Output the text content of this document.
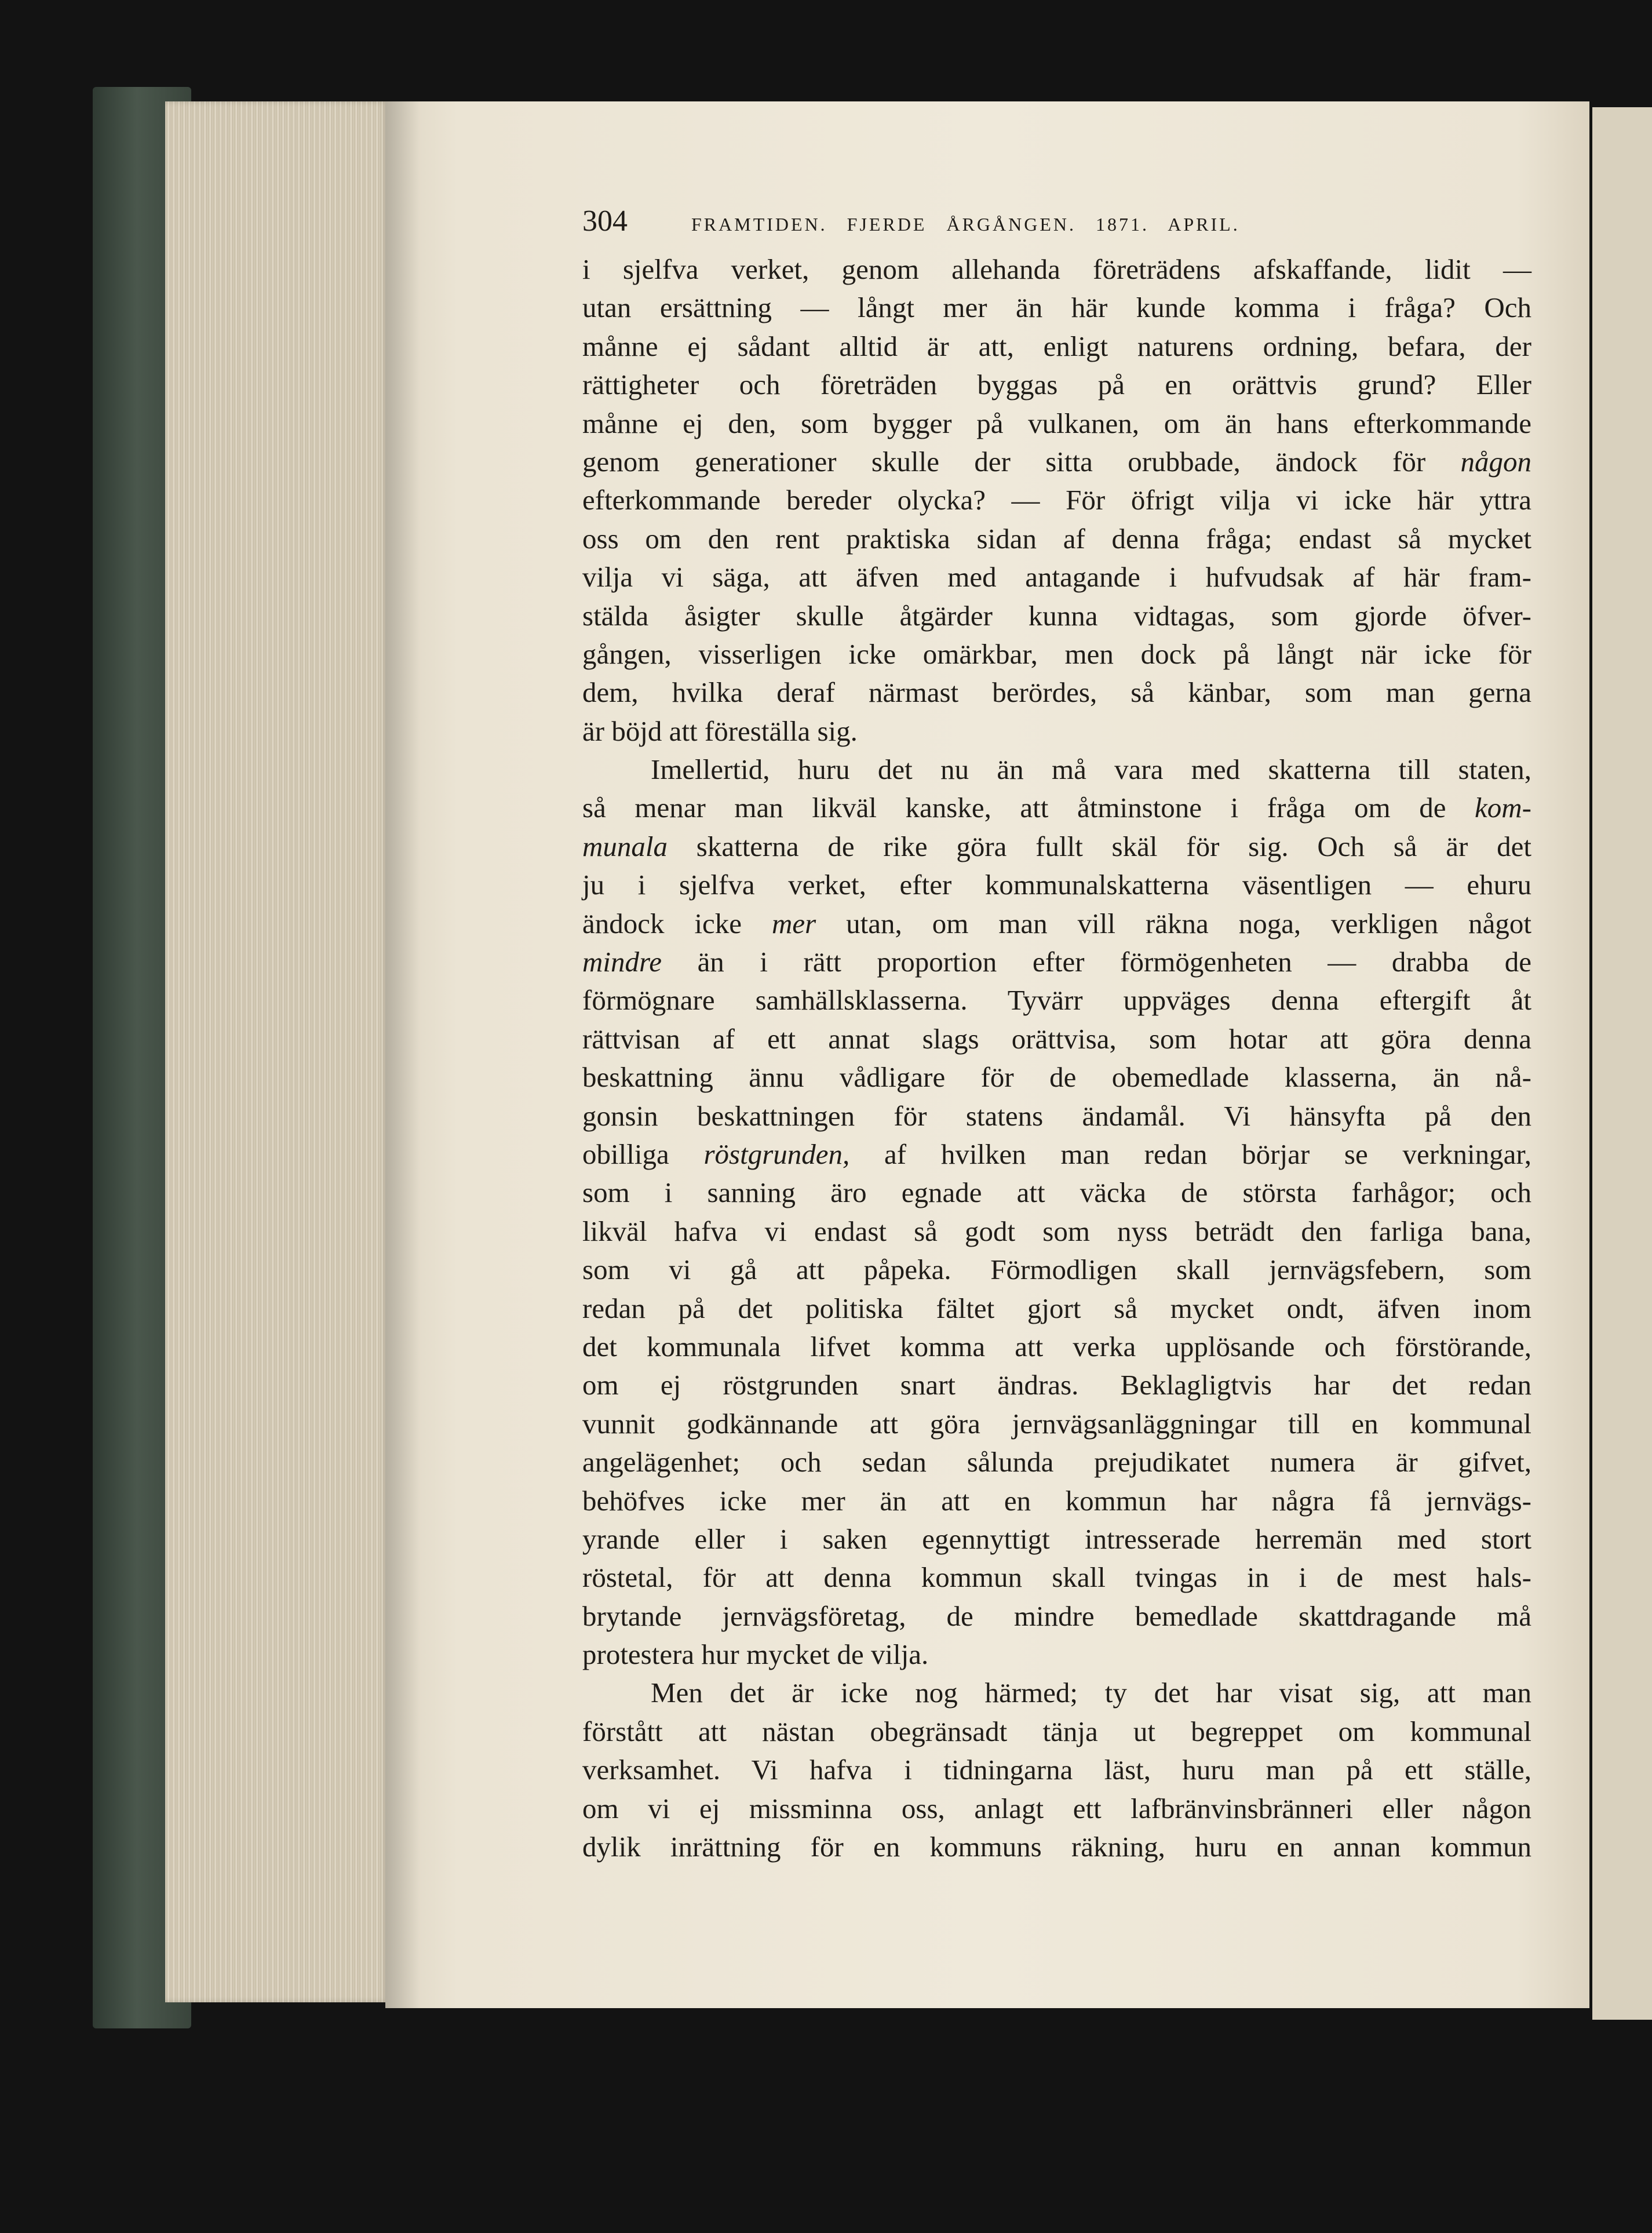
304	FRAMTIDEN. FJERDE ÅRGÅNGEN. 1871. APRIL.
i sjelfva verket, genom allehanda företrädens afskaffande, lidit —
utan ersättning — långt mer än här kunde komma i fråga? Och
månne ej sådant alltid är att, enligt naturens ordning, befara, der
rättigheter och företräden byggas på en orättvis grund? Eller
månne ej den, som bygger på vulkanen, om än hans efterkommande
genom generationer skulle der sitta orubbade, ändock för någon
efterkommande bereder olycka? — För öfrigt vilja vi icke här yttra
oss om den rent praktiska sidan af denna fråga; endast så mycket
vilja vi säga, att äfven med antagande i hufvudsak af här fram-
stälda åsigter skulle åtgärder kunna vidtagas, som gjorde öfver-
gången, visserligen icke omärkbar, men dock på långt när icke för
dem, hvilka deraf närmast berördes, så känbar, som man gerna
är böjd att föreställa sig.
Imellertid, huru det nu än må vara med skatterna till staten,
så menar man likväl kanske, att åtminstone i fråga om de kom-
munala skatterna de rike göra fullt skäl för sig. Och så är det
ju i sjelfva verket, efter kommunalskatterna väsentligen — ehuru
ändock icke mer utan, om man vill räkna noga, verkligen något
mindre än i rätt proportion efter förmögenheten — drabba de
förmögnare samhällsklasserna. Tyvärr uppväges denna eftergift åt
rättvisan af ett annat slags orättvisa, som hotar att göra denna
beskattning ännu vådligare för de obemedlade klasserna, än nå-
gonsin beskattningen för statens ändamål. Vi hänsyfta på den
obilliga röstgrunden, af hvilken man redan börjar se verkningar,
som i sanning äro egnade att väcka de största farhågor; och
likväl hafva vi endast så godt som nyss beträdt den farliga bana,
som vi gå att påpeka. Förmodligen skall jernvägsfebern, som
redan på det politiska fältet gjort så mycket ondt, äfven inom
det kommunala lifvet komma att verka upplösande och förstörande,
om ej röstgrunden snart ändras. Beklagligtvis har det redan
vunnit godkännande att göra jernvägsanläggningar till en kommunal
angelägenhet; och sedan sålunda prejudikatet numera är gifvet,
behöfves icke mer än att en kommun har några få jernvägs-
yrande eller i saken egennyttigt intresserade herremän med stort
röstetal, för att denna kommun skall tvingas in i de mest hals-
brytande jernvägsföretag, de mindre bemedlade skattdragande må
protestera hur mycket de vilja.
Men det är icke nog härmed; ty det har visat sig, att man
förstått att nästan obegränsadt tänja ut begreppet om kommunal
verksamhet. Vi hafva i tidningarna läst, huru man på ett ställe,
om vi ej missminna oss, anlagt ett lafbränvinsbränneri eller någon
dylik inrättning för en kommuns räkning, huru en annan kommun
